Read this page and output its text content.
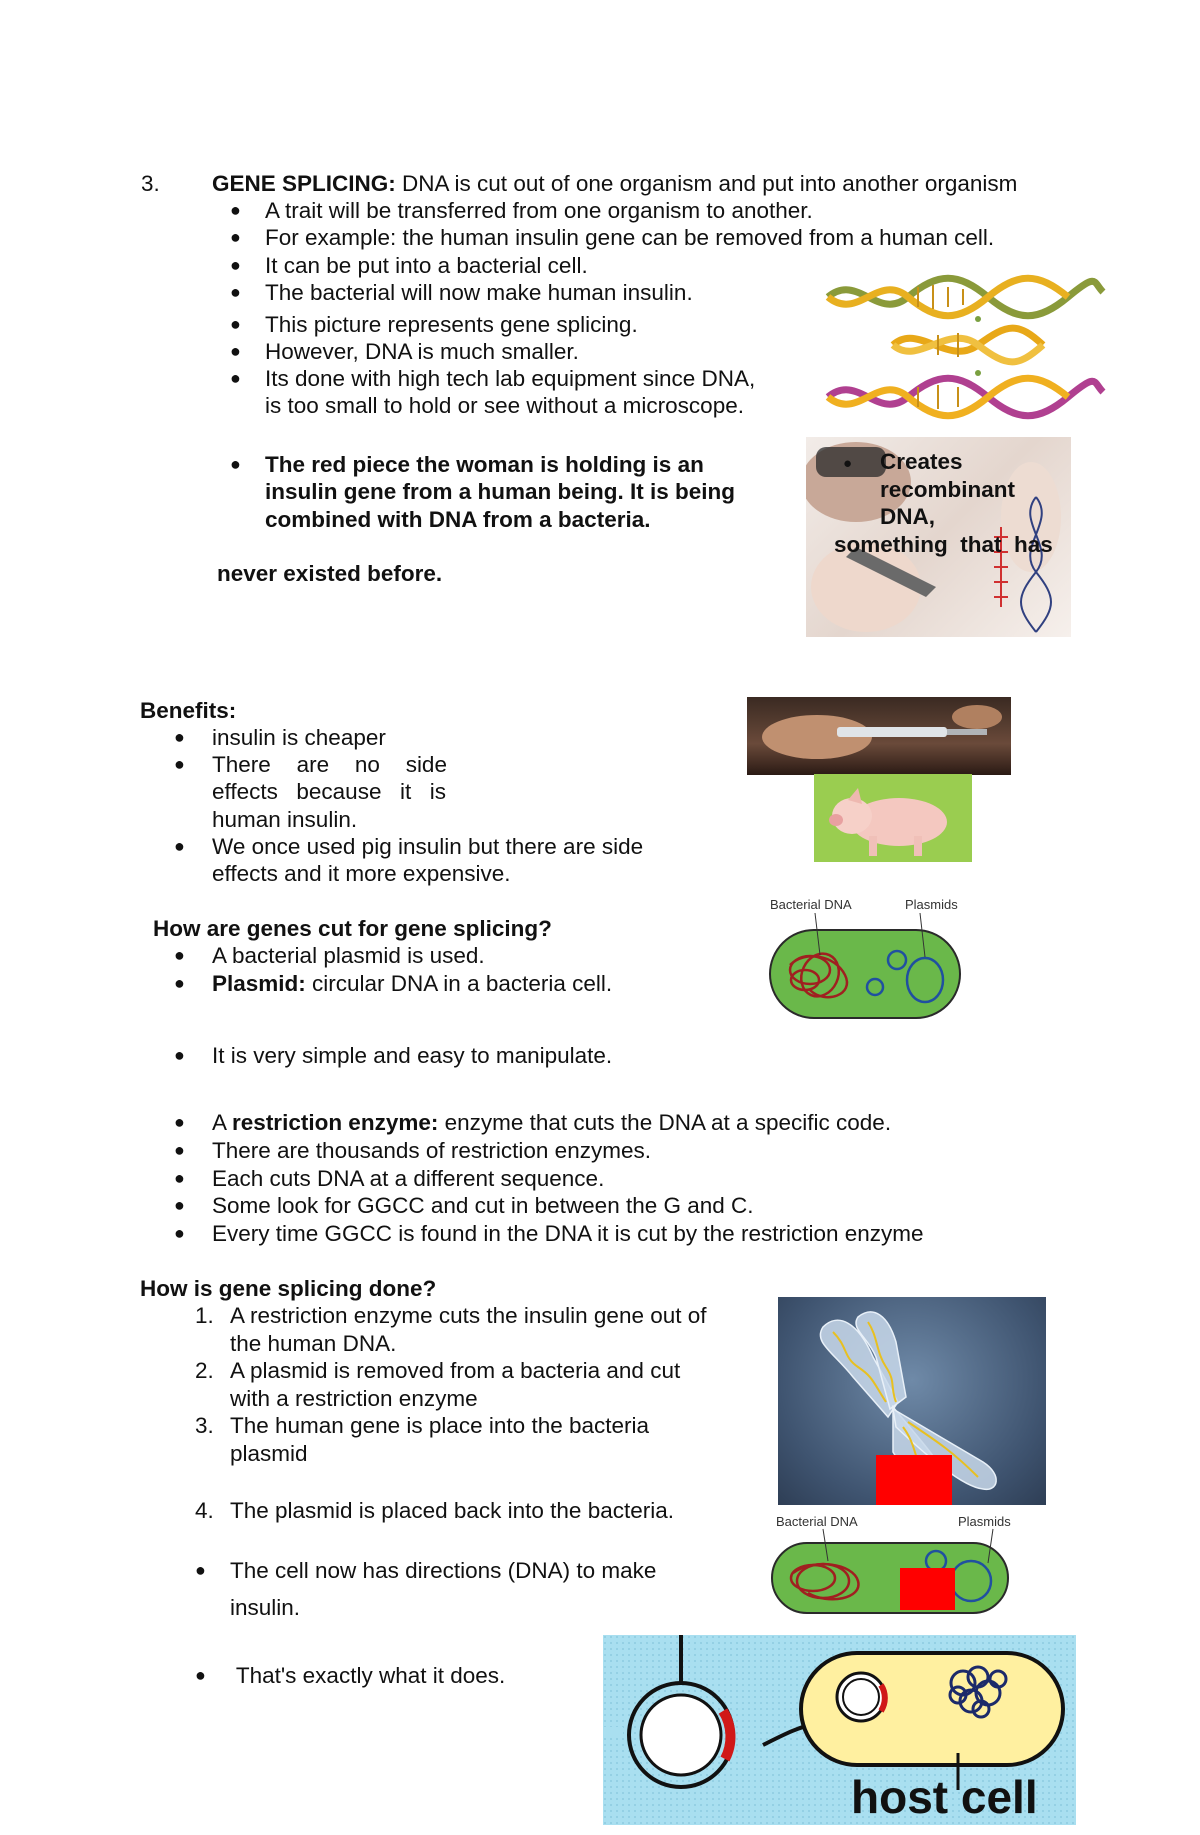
3. GENE SPLICING: DNA is cut out of one organism and put into another organism
● A trait will be transferred from one organism to another.
● For example: the human insulin gene can be removed from a human cell.
● It can be put into a bacterial cell.
● The bacterial will now make human insulin.
● This picture represents gene splicing.
● However, DNA is much smaller.
● Its done with high tech lab equipment since DNA,
is too small to hold or see without a microscope.
● The red piece the woman is holding is an
insulin gene from a human being. It is being
combined with DNA from a bacteria.
never existed before.
● Creates
recombinant
DNA,
something  that  has
Benefits:
● insulin is cheaper
● There are no side
effects because it is
human insulin.
● We once used pig insulin but there are side
effects and it more expensive.
How are genes cut for gene splicing?
● A bacterial plasmid is used.
● Plasmid: circular DNA in a bacteria cell.
Bacterial DNA	Plasmids
● It is very simple and easy to manipulate.
● A restriction enzyme: enzyme that cuts the DNA at a specific code.
● There are thousands of restriction enzymes.
● Each cuts DNA at a different sequence.
● Some look for GGCC and cut in between the G and C.
● Every time GGCC is found in the DNA it is cut by the restriction enzyme
How is gene splicing done?
1. A restriction enzyme cuts the insulin gene out of
the human DNA.
2. A plasmid is removed from a bacteria and cut
with a restriction enzyme
3. The human gene is place into the bacteria
plasmid
4. The plasmid is placed back into the bacteria.
● The cell now has directions (DNA) to make
insulin.
● That's exactly what it does.
Bacterial DNA	Plasmids
host cell
